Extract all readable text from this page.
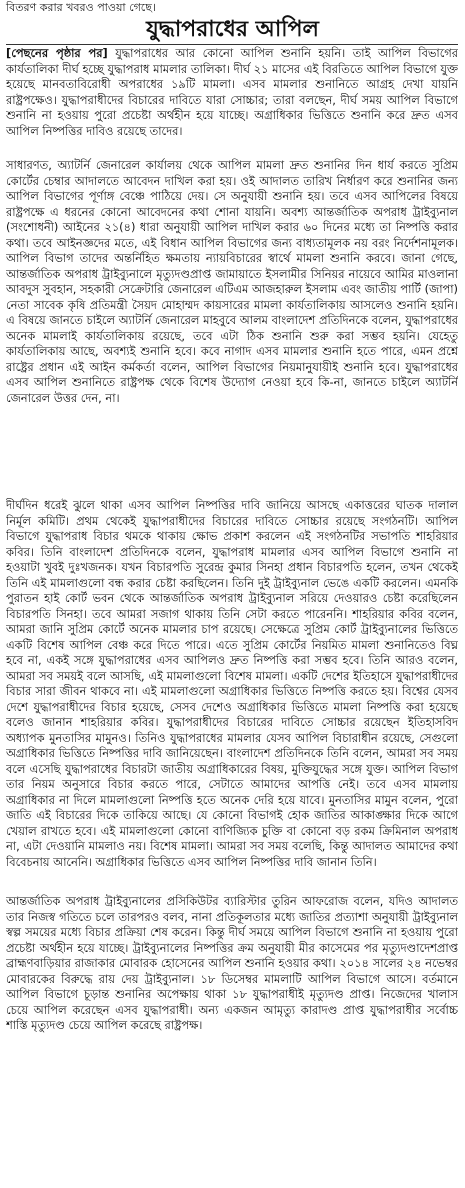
বিতরণ করার খবরও পাওয়া গেছে।
যুদ্ধাপরাধের আপিল
[পেছনের পৃষ্ঠার পর] যুদ্ধাপরাধের আর কোনো আপিল শুনানি হয়নি। তাই আপিল বিভাগের কার্যতালিকা দীর্ঘ হচ্ছে যুদ্ধাপরাধ মামলার তালিকা। দীর্ঘ ২১ মাসের এই বিরতিতে আপিল বিভাগে যুক্ত হয়েছে মানবতাবিরোধী অপরাধের ১৯টি মামলা। এসব মামলার শুনানিতে আগ্রহ দেখা যায়নি রাষ্ট্রপক্ষেও। যুদ্ধাপরাধীদের বিচারের দাবিতে যারা সোচ্চার; তারা বলছেন, দীর্ঘ সময় আপিল বিভাগে শুনানি না হওয়ায় পুরো প্রচেষ্টা অর্থহীন হয়ে যাচ্ছে। অগ্রাধিকার ভিত্তিতে শুনানি করে দ্রুত এসব আপিল নিষ্পত্তির দাবিও রয়েছে তাদের।
সাধারণত, অ্যাটর্নি জেনারেল কার্যালয় থেকে আপিল মামলা দ্রুত শুনানির দিন ধার্য করতে সুপ্রিম কোর্টের চেম্বার আদালতে আবেদন দাখিল করা হয়। ওই আদালত তারিখ নির্ধারণ করে শুনানির জন্য আপিল বিভাগের পূর্ণাঙ্গ বেঞ্চে পাঠিয়ে দেয়। সে অনুযায়ী শুনানি হয়। তবে এসব আপিলের বিষয়ে রাষ্ট্রপক্ষে এ ধরনের কোনো আবেদনের কথা শোনা যায়নি। অবশ্য আন্তর্জাতিক অপরাধ ট্রাইব্যুনাল (সংশোধনী) আইনের ২১(৪) ধারা অনুযায়ী আপিল দাখিল করার ৬০ দিনের মধ্যে তা নিষ্পত্তি করার কথা। তবে আইনজ্ঞদের মতে, এই বিধান আপিল বিভাগের জন্য বাধ্যতামূলক নয় বরং নির্দেশনামূলক। আপিল বিভাগ তাদের অন্তর্নিহিত ক্ষমতায় ন্যায়বিচারের স্বার্থে মামলা শুনানি করবে। জানা গেছে, আন্তর্জাতিক অপরাধ ট্রাইব্যুনালে মৃত্যুদণ্ডপ্রাপ্ত জামায়াতে ইসলামীর সিনিয়র নায়েবে আমির মাওলানা আবদুস সুবহান, সহকারী সেক্রেটারি জেনারেল এটিএম আজহারুল ইসলাম এবং জাতীয় পার্টি (জাপা) নেতা সাবেক কৃষি প্রতিমন্ত্রী সৈয়দ মোহাম্মদ কায়সারের মামলা কার্যতালিকায় আসলেও শুনানি হয়নি। এ বিষয়ে জানতে চাইলে অ্যাটর্নি জেনারেল মাহবুবে আলম বাংলাদেশ প্রতিদিনকে বলেন, যুদ্ধাপরাধের অনেক মামলাই কার্যতালিকায় রয়েছে, তবে এটা ঠিক শুনানি শুরু করা সম্ভব হয়নি। যেহেতু কার্যতালিকায় আছে, অবশ্যই শুনানি হবে। কবে নাগাদ এসব মামলার শুনানি হতে পারে, এমন প্রশ্নে রাষ্ট্রের প্রধান এই আইন কর্মকর্তা বলেন, আপিল বিভাগের নিয়মানুযায়ীই শুনানি হবে। যুদ্ধাপরাধের এসব আপিল শুনানিতে রাষ্ট্রপক্ষ থেকে বিশেষ উদ্যোগ নেওয়া হবে কি-না, জানতে চাইলে অ্যাটর্নি জেনারেল উত্তর দেন, না।
দীর্ঘদিন ধরেই ঝুলে থাকা এসব আপিল নিষ্পত্তির দাবি জানিয়ে আসছে একাত্তরের ঘাতক দালাল নির্মূল কমিটি। প্রথম থেকেই যুদ্ধাপরাধীদের বিচারের দাবিতে সোচ্চার রয়েছে সংগঠনটি। আপিল বিভাগে যুদ্ধাপরাধ বিচার থমকে থাকায় ক্ষোভ প্রকাশ করলেন এই সংগঠনটির সভাপতি শাহরিয়ার কবির। তিনি বাংলাদেশ প্রতিদিনকে বলেন, যুদ্ধাপরাধ মামলার এসব আপিল বিভাগে শুনানি না হওয়াটা খুবই দুঃখজনক। যখন বিচারপতি সুরেন্দ্র কুমার সিনহা প্রধান বিচারপতি হলেন, তখন থেকেই তিনি এই মামলাগুলো বন্ধ করার চেষ্টা করছিলেন। তিনি দুই ট্রাইব্যুনাল ভেঙে একটি করলেন। এমনকি পুরাতন হাই কোর্ট ভবন থেকে আন্তর্জাতিক অপরাধ ট্রাইব্যুনাল সরিয়ে দেওয়ারও চেষ্টা করেছিলেন বিচারপতি সিনহা। তবে আমরা সজাগ থাকায় তিনি সেটা করতে পারেননি। শাহরিয়ার কবির বলেন, আমরা জানি সুপ্রিম কোর্টে অনেক মামলার চাপ রয়েছে। সেক্ষেত্রে সুপ্রিম কোর্ট ট্রাইব্যুনালের ভিত্তিতে একটি বিশেষ আপিল বেঞ্চ করে দিতে পারে। এতে সুপ্রিম কোর্টের নিয়মিত মামলা শুনানিতেও বিঘ্ন হবে না, একই সঙ্গে যুদ্ধাপরাধের এসব আপিলও দ্রুত নিষ্পত্তি করা সম্ভব হবে। তিনি আরও বলেন, আমরা সব সময়ই বলে আসছি, এই মামলাগুলো বিশেষ মামলা। একটি দেশের ইতিহাসে যুদ্ধাপরাধীদের বিচার সারা জীবন থাকবে না। এই মামলাগুলো অগ্রাধিকার ভিত্তিতে নিষ্পত্তি করতে হয়। বিশ্বের যেসব দেশে যুদ্ধাপরাধীদের বিচার হয়েছে, সেসব দেশেও অগ্রাধিকার ভিত্তিতে মামলা নিষ্পত্তি করা হয়েছে বলেও জানান শাহরিয়ার কবির। যুদ্ধাপরাধীদের বিচারের দাবিতে সোচ্চার রয়েছেন ইতিহাসবিদ অধ্যাপক মুনতাসির মামুনও। তিনিও যুদ্ধাপরাধের মামলার যেসব আপিল বিচারাধীন রয়েছে, সেগুলো অগ্রাধিকার ভিত্তিতে নিষ্পত্তির দাবি জানিয়েছেন। বাংলাদেশ প্রতিদিনকে তিনি বলেন, আমরা সব সময় বলে এসেছি যুদ্ধাপরাধের বিচারটা জাতীয় অগ্রাধিকারের বিষয়, মুক্তিযুদ্ধের সঙ্গে যুক্ত। আপিল বিভাগ তার নিয়ম অনুসারে বিচার করতে পারে, সেটাতে আমাদের আপত্তি নেই। তবে এসব মামলায় অগ্রাধিকার না দিলে মামলাগুলো নিষ্পত্তি হতে অনেক দেরি হয়ে যাবে। মুনতাসির মামুন বলেন, পুরো জাতি এই বিচারের দিকে তাকিয়ে আছে। যে কোনো বিভাগই হোক জাতির আকাঙ্ক্ষার দিকে আগে খেয়াল রাখতে হবে। এই মামলাগুলো কোনো বাণিজ্যিক চুক্তি বা কোনো বড় রকম ক্রিমিনাল অপরাধ না, এটা দেওয়ানি মামলাও নয়। বিশেষ মামলা। আমরা সব সময় বলেছি, কিন্তু আদালত আমাদের কথা বিবেচনায় আনেনি। অগ্রাধিকার ভিত্তিতে এসব আপিল নিষ্পত্তির দাবি জানান তিনি।
আন্তর্জাতিক অপরাধ ট্রাইব্যুনালের প্রসিকিউটর ব্যারিস্টার তুরিন আফরোজ বলেন, যদিও আদালত তার নিজস্ব গতিতে চলে তারপরও বলব, নানা প্রতিকূলতার মধ্যে জাতির প্রত্যাশা অনুযায়ী ট্রাইব্যুনাল স্বল্প সময়ের মধ্যে বিচার প্রক্রিয়া শেষ করেন। কিন্তু দীর্ঘ সময়ে আপিল বিভাগে শুনানি না হওয়ায় পুরো প্রচেষ্টা অর্থহীন হয়ে যাচ্ছে। ট্রাইব্যুনালের নিষ্পত্তির ক্রম অনুযায়ী মীর কাসেমের পর মৃত্যুদণ্ডাদেশপ্রাপ্ত ব্রাহ্মণবাড়িয়ার রাজাকার মোবারক হোসেনের আপিল শুনানি হওয়ার কথা। ২০১৪ সালের ২৪ নভেম্বর মোবারকের বিরুদ্ধে রায় দেয় ট্রাইব্যুনাল। ১৮ ডিসেম্বর মামলাটি আপিল বিভাগে আসে। বর্তমানে আপিল বিভাগে চূড়ান্ত শুনানির অপেক্ষায় থাকা ১৮ যুদ্ধাপরাধীই মৃত্যুদণ্ড প্রাপ্ত। নিজেদের খালাস চেয়ে আপিল করেছেন এসব যুদ্ধাপরাধী। অন্য একজন আমৃত্যু কারাদণ্ড প্রাপ্ত যুদ্ধাপরাধীর সর্বোচ্চ শাস্তি মৃত্যুদণ্ড চেয়ে আপিল করেছে রাষ্ট্রপক্ষ।
